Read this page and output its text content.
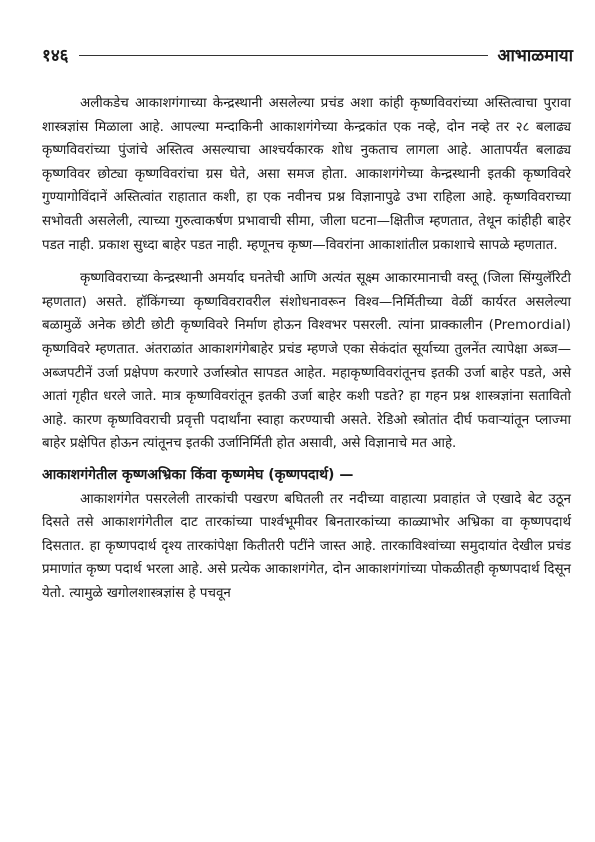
१४६	आभाळमाया

अलीकडेच आकाशगंगाच्या केन्द्रस्थानी असलेल्या प्रचंड अशा कांही कृष्णविवरांच्या अस्तित्वाचा पुरावा शास्त्रज्ञांस मिळाला आहे. आपल्या मन्दाकिनी आकाशगंगेच्या केन्द्रकांत एक नव्हे, दोन नव्हे तर २८ बलाढ्य कृष्णविवरांच्या पुंजांचे अस्तित्व असल्याचा आश्चर्यकारक शोध नुकताच लागला आहे. आतापर्यंत बलाढ्य कृष्णविवर छोट्या कृष्णविवरांचा ग्रस घेते, असा समज होता. आकाशगंगेच्या केन्द्रस्थानी इतकी कृष्णविवरे गुण्यागोविंदानें अस्तित्वांत राहातात कशी, हा एक नवीनच प्रश्न विज्ञानापुढे उभा राहिला आहे. कृष्णविवराच्या सभोवती असलेली, त्याच्या गुरुत्वाकर्षण प्रभावाची सीमा, जीला घटना—क्षितीज म्हणतात, तेथून कांहीही बाहेर पडत नाही. प्रकाश सुध्दा बाहेर पडत नाही. म्हणूनच कृष्ण—विवरांना आकाशांतील प्रकाशाचे सापळे म्हणतात.

कृष्णविवराच्या केन्द्रस्थानी अमर्याद घनतेची आणि अत्यंत सूक्ष्म आकारमानाची वस्तू (जिला सिंग्युलॅरिटी म्हणतात) असते. हॉकिंगच्या कृष्णविवरावरील संशोधनावरून विश्व—निर्मितीच्या वेळीं कार्यरत असलेल्या बळामुळें अनेक छोटी छोटी कृष्णविवरे निर्माण होऊन विश्वभर पसरली. त्यांना प्राक्कालीन (Premordial) कृष्णविवरे म्हणतात. अंतराळांत आकाशगंगेबाहेर प्रचंड म्हणजे एका सेकंदांत सूर्याच्या तुलनेंत त्यापेक्षा अब्ज—अब्जपटीनें उर्जा प्रक्षेपण करणारे उर्जास्त्रोत सापडत आहेत. महाकृष्णविवरांतूनच इतकी उर्जा बाहेर पडते, असे आतां गृहीत धरले जाते. मात्र कृष्णविवरांतून इतकी उर्जा बाहेर कशी पडते? हा गहन प्रश्न शास्त्रज्ञांना सतावितो आहे. कारण कृष्णविवराची प्रवृत्ती पदार्थांना स्वाहा करण्याची असते. रेडिओ स्त्रोतांत दीर्घ फवाऱ्यांतून प्लाज्मा बाहेर प्रक्षेपित होऊन त्यांतूनच इतकी उर्जानिर्मिती होत असावी, असे विज्ञानाचे मत आहे.

आकाशगंगेतील कृष्णअभ्रिका किंवा कृष्णमेघ (कृष्णपदार्थ) —

आकाशगंगेत पसरलेली तारकांची पखरण बघितली तर नदीच्या वाहात्या प्रवाहांत जे एखादे बेट उठून दिसते तसे आकाशगंगेतील दाट तारकांच्या पार्श्वभूमीवर बिनतारकांच्या काळ्याभोर अभ्रिका वा कृष्णपदार्थ दिसतात. हा कृष्णपदार्थ दृश्य तारकांपेक्षा कितीतरी पटींने जास्त आहे. तारकाविश्वांच्या समुदायांत देखील प्रचंड प्रमाणांत कृष्ण पदार्थ भरला आहे. असे प्रत्येक आकाशगंगेत, दोन आकाशगंगांच्या पोकळीतही कृष्णपदार्थ दिसून येतो. त्यामुळे खगोलशास्त्रज्ञांस हे पचवून
